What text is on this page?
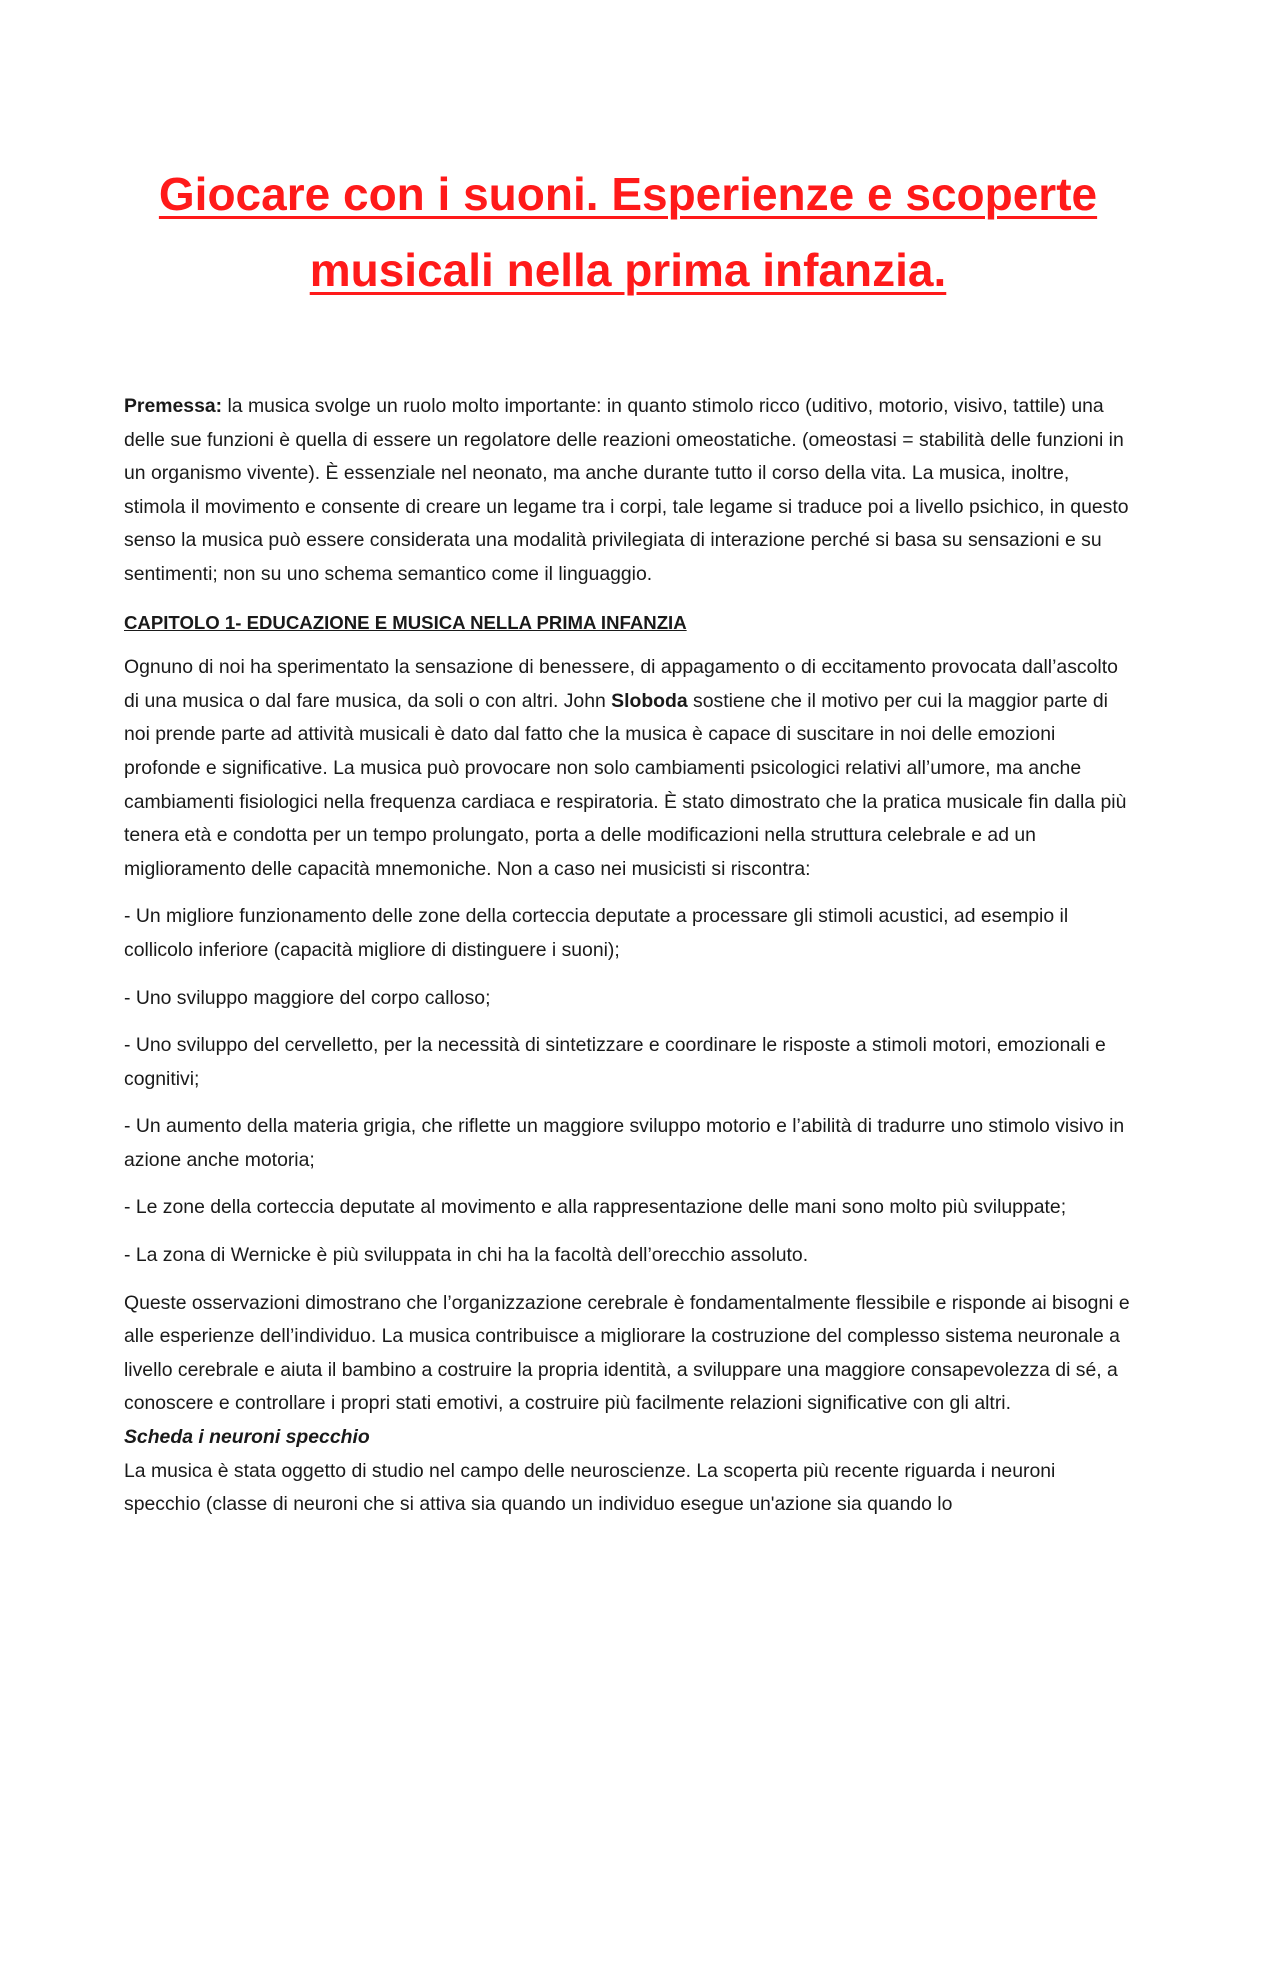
Giocare con i suoni. Esperienze e scoperte
musicali nella prima infanzia.

Premessa: la musica svolge un ruolo molto importante: in quanto stimolo ricco (uditivo, motorio, visivo, tattile) una delle sue funzioni è quella di essere un regolatore delle reazioni omeostatiche. (omeostasi = stabilità delle funzioni in un organismo vivente). È essenziale nel neonato, ma anche durante tutto il corso della vita. La musica, inoltre, stimola il movimento e consente di creare un legame tra i corpi, tale legame si traduce poi a livello psichico, in questo senso la musica può essere considerata una modalità privilegiata di interazione perché si basa su sensazioni e su sentimenti; non su uno schema semantico come il linguaggio.

CAPITOLO 1- EDUCAZIONE E MUSICA NELLA PRIMA INFANZIA

Ognuno di noi ha sperimentato la sensazione di benessere, di appagamento o di eccitamento provocata dall’ascolto di una musica o dal fare musica, da soli o con altri. John Sloboda sostiene che il motivo per cui la maggior parte di noi prende parte ad attività musicali è dato dal fatto che la musica è capace di suscitare in noi delle emozioni profonde e significative. La musica può provocare non solo cambiamenti psicologici relativi all’umore, ma anche cambiamenti fisiologici nella frequenza cardiaca e respiratoria. È stato dimostrato che la pratica musicale fin dalla più tenera età e condotta per un tempo prolungato, porta a delle modificazioni nella struttura celebrale e ad un miglioramento delle capacità mnemoniche. Non a caso nei musicisti si riscontra:

- Un migliore funzionamento delle zone della corteccia deputate a processare gli stimoli acustici, ad esempio il collicolo inferiore (capacità migliore di distinguere i suoni);

- Uno sviluppo maggiore del corpo calloso;

- Uno sviluppo del cervelletto, per la necessità di sintetizzare e coordinare le risposte a stimoli motori, emozionali e cognitivi;

- Un aumento della materia grigia, che riflette un maggiore sviluppo motorio e l’abilità di tradurre uno stimolo visivo in azione anche motoria;

- Le zone della corteccia deputate al movimento e alla rappresentazione delle mani sono molto più sviluppate;

- La zona di Wernicke è più sviluppata in chi ha la facoltà dell’orecchio assoluto.

Queste osservazioni dimostrano che l’organizzazione cerebrale è fondamentalmente flessibile e risponde ai bisogni e alle esperienze dell’individuo. La musica contribuisce a migliorare la costruzione del complesso sistema neuronale a livello cerebrale e aiuta il bambino a costruire la propria identità, a sviluppare una maggiore consapevolezza di sé, a conoscere e controllare i propri stati emotivi, a costruire più facilmente relazioni significative con gli altri.

Scheda i neuroni specchio

La musica è stata oggetto di studio nel campo delle neuroscienze. La scoperta più recente riguarda i neuroni specchio (classe di neuroni che si attiva sia quando un individuo esegue un'azione sia quando lo
